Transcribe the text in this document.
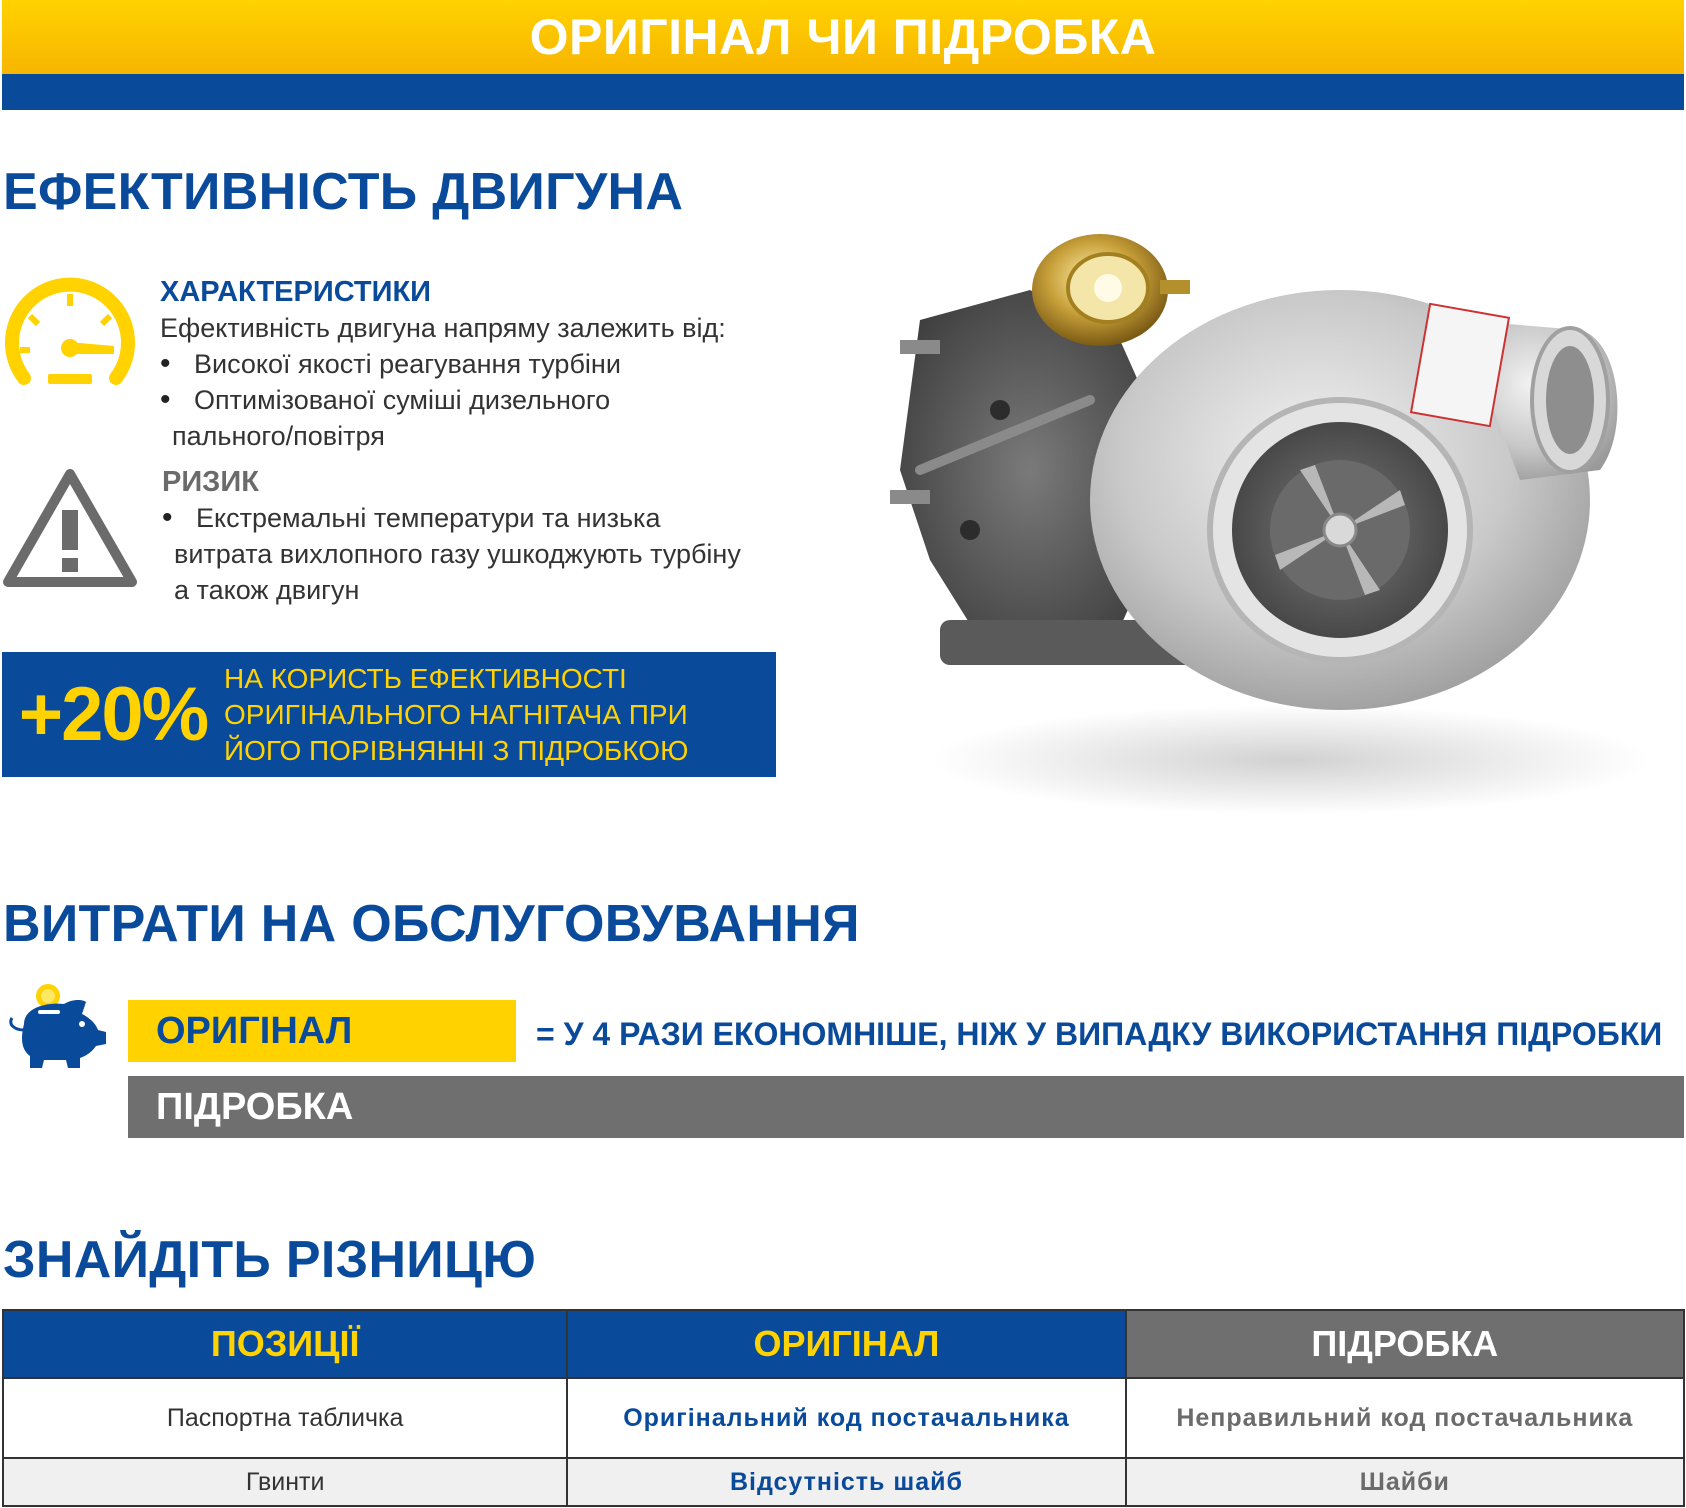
ОРИГІНАЛ ЧИ ПІДРОБКА
ЕФЕКТИВНІСТЬ ДВИГУНА
ХАРАКТЕРИСТИКИ
Ефективність двигуна напряму залежить від:
• Високої якості реагування турбіни
• Оптимізованої суміші дизельного
пального/повітря
РИЗИК
• Екстремальні температури та низька
витрата вихлопного газу ушкоджують турбіну
а також двигун
+20% НА КОРИСТЬ ЕФЕКТИВНОСТІ
ОРИГІНАЛЬНОГО НАГНІТАЧА ПРИ
ЙОГО ПОРІВНЯННІ З ПІДРОБКОЮ
ВИТРАТИ НА ОБСЛУГОВУВАННЯ
ОРИГІНАЛ	= У 4 РАЗИ ЕКОНОМНІШЕ, НІЖ У ВИПАДКУ ВИКОРИСТАННЯ ПІДРОБКИ
ПІДРОБКА
ЗНАЙДІТЬ РІЗНИЦЮ
ПОЗИЦІЇ	ОРИГІНАЛ	ПІДРОБКА
Паспортна табличка	Оригінальний код постачальника	Неправильний код постачальника
Гвинти	Відсутність шайб	Шайби
